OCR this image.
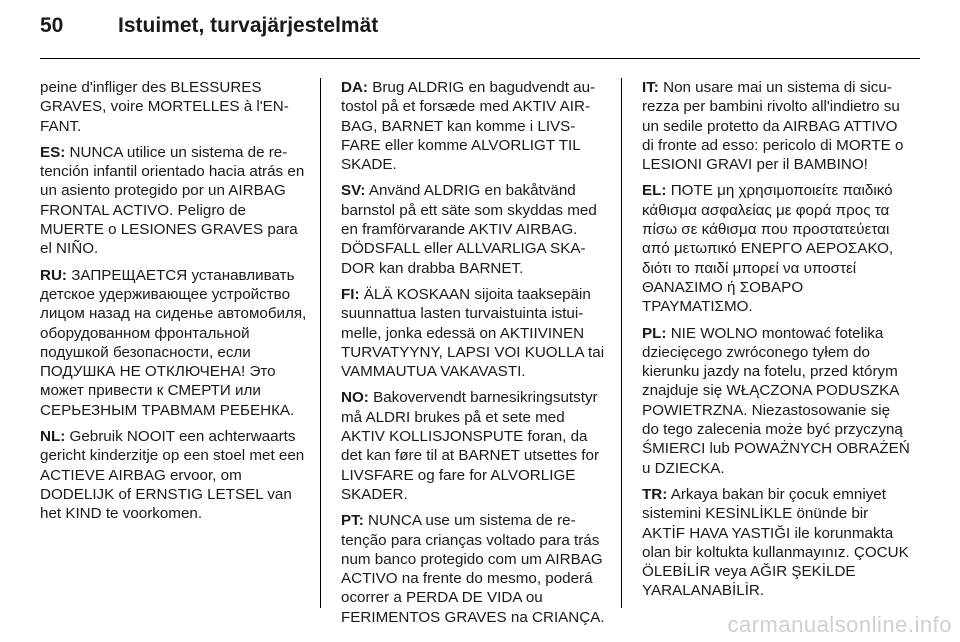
50	Istuimet, turvajärjestelmät

peine d'infliger des BLESSURES GRAVES, voire MORTELLES à l'ENFANT.

ES: NUNCA utilice un sistema de retención infantil orientado hacia atrás en un asiento protegido por un AIRBAG FRONTAL ACTIVO. Peligro de MUERTE o LESIONES GRAVES para el NIÑO.

RU: ЗАПРЕЩАЕТСЯ устанавливать детское удерживающее устройство лицом назад на сиденье автомобиля, оборудованном фронтальной подушкой безопасности, если ПОДУШКА НЕ ОТКЛЮЧЕНА! Это может привести к СМЕРТИ или СЕРЬЕЗНЫМ ТРАВМАМ РЕБЕНКА.

NL: Gebruik NOOIT een achterwaarts gericht kinderzitje op een stoel met een ACTIEVE AIRBAG ervoor, om DODELIJK of ERNSTIG LETSEL van het KIND te voorkomen.

DA: Brug ALDRIG en bagudvendt autostol på et forsæde med AKTIV AIRBAG, BARNET kan komme i LIVSFARE eller komme ALVORLIGT TIL SKADE.

SV: Använd ALDRIG en bakåtvänd barnstol på ett säte som skyddas med en framförvarande AKTIV AIRBAG. DÖDSFALL eller ALLVARLIGA SKADOR kan drabba BARNET.

FI: ÄLÄ KOSKAAN sijoita taaksepäin suunnattua lasten turvaistuinta istuimelle, jonka edessä on AKTIIVINEN TURVATYYNY, LAPSI VOI KUOLLA tai VAMMAUTUA VAKAVASTI.

NO: Bakovervendt barnesikringsutstyr må ALDRI brukes på et sete med AKTIV KOLLISJONSPUTE foran, da det kan føre til at BARNET utsettes for LIVSFARE og fare for ALVORLIGE SKADER.

PT: NUNCA use um sistema de retenção para crianças voltado para trás num banco protegido com um AIRBAG ACTIVO na frente do mesmo, poderá ocorrer a PERDA DE VIDA ou FERIMENTOS GRAVES na CRIANÇA.

IT: Non usare mai un sistema di sicurezza per bambini rivolto all'indietro su un sedile protetto da AIRBAG ATTIVO di fronte ad esso: pericolo di MORTE o LESIONI GRAVI per il BAMBINO!

EL: ΠΟΤΕ μη χρησιμοποιείτε παιδικό κάθισμα ασφαλείας με φορά προς τα πίσω σε κάθισμα που προστατεύεται από μετωπικό ΕΝΕΡΓΟ ΑΕΡΟΣΑΚΟ, διότι το παιδί μπορεί να υποστεί ΘΑΝΑΣΙΜΟ ή ΣΟΒΑΡΟ ΤΡΑΥΜΑΤΙΣΜΟ.

PL: NIE WOLNO montować fotelika dziecięcego zwróconego tyłem do kierunku jazdy na fotelu, przed którym znajduje się WŁĄCZONA PODUSZKA POWIETRZNA. Niezastosowanie się do tego zalecenia może być przyczyną ŚMIERCI lub POWAŻNYCH OBRAŻEŃ u DZIECKA.

TR: Arkaya bakan bir çocuk emniyet sistemini KESİNLİKLE önünde bir AKTİF HAVA YASTIĞI ile korunmakta olan bir koltukta kullanmayınız. ÇOCUK ÖLEBİLİR veya AĞIR ŞEKİLDE YARALANABİLİR.

carmanualsonline.info
